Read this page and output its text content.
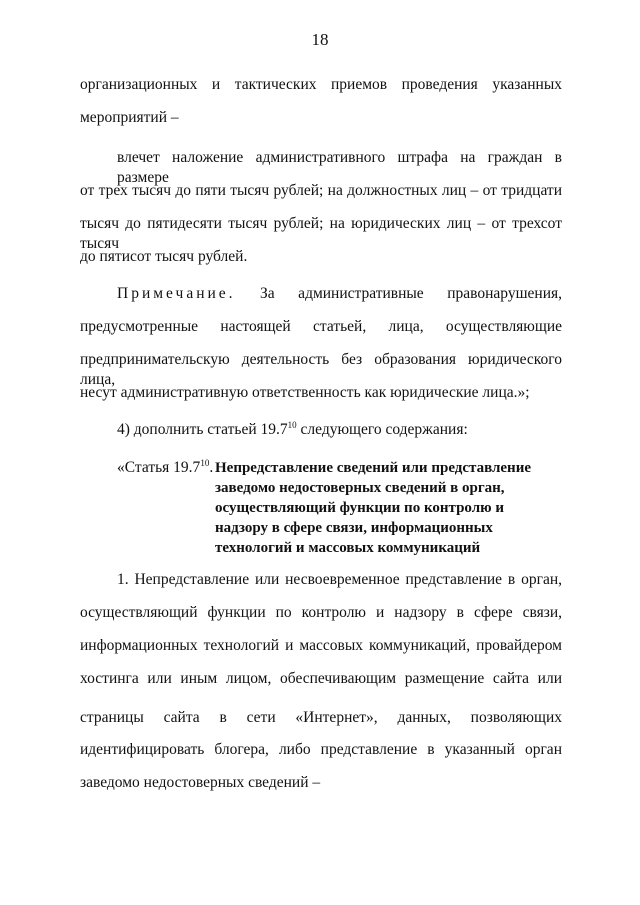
18
организационных и тактических приемов проведения указанных
мероприятий –
влечет наложение административного штрафа на граждан в размере
от трех тысяч до пяти тысяч рублей; на должностных лиц – от тридцати
тысяч до пятидесяти тысяч рублей; на юридических лиц – от трехсот тысяч
до пятисот тысяч рублей.
Примечание.	За административные правонарушения,
предусмотренные настоящей статьей, лица, осуществляющие
предпринимательскую деятельность без образования юридического лица,
несут административную ответственность как юридические лица.»;
4) дополнить статьей 19.7$^{10}$ следующего содержания:
«Статья 19.7$^{10}$. Непредставление сведений или представление
заведомо недостоверных сведений в орган,
осуществляющий функции по контролю и
надзору в сфере связи, информационных
технологий и массовых коммуникаций
1. Непредставление или несвоевременное представление в орган,
осуществляющий функции по контролю и надзору в сфере связи,
информационных технологий и массовых коммуникаций, провайдером
хостинга или иным лицом, обеспечивающим размещение сайта или
страницы сайта в сети «Интернет», данных, позволяющих
идентифицировать блогера, либо представление в указанный орган
заведомо недостоверных сведений –
